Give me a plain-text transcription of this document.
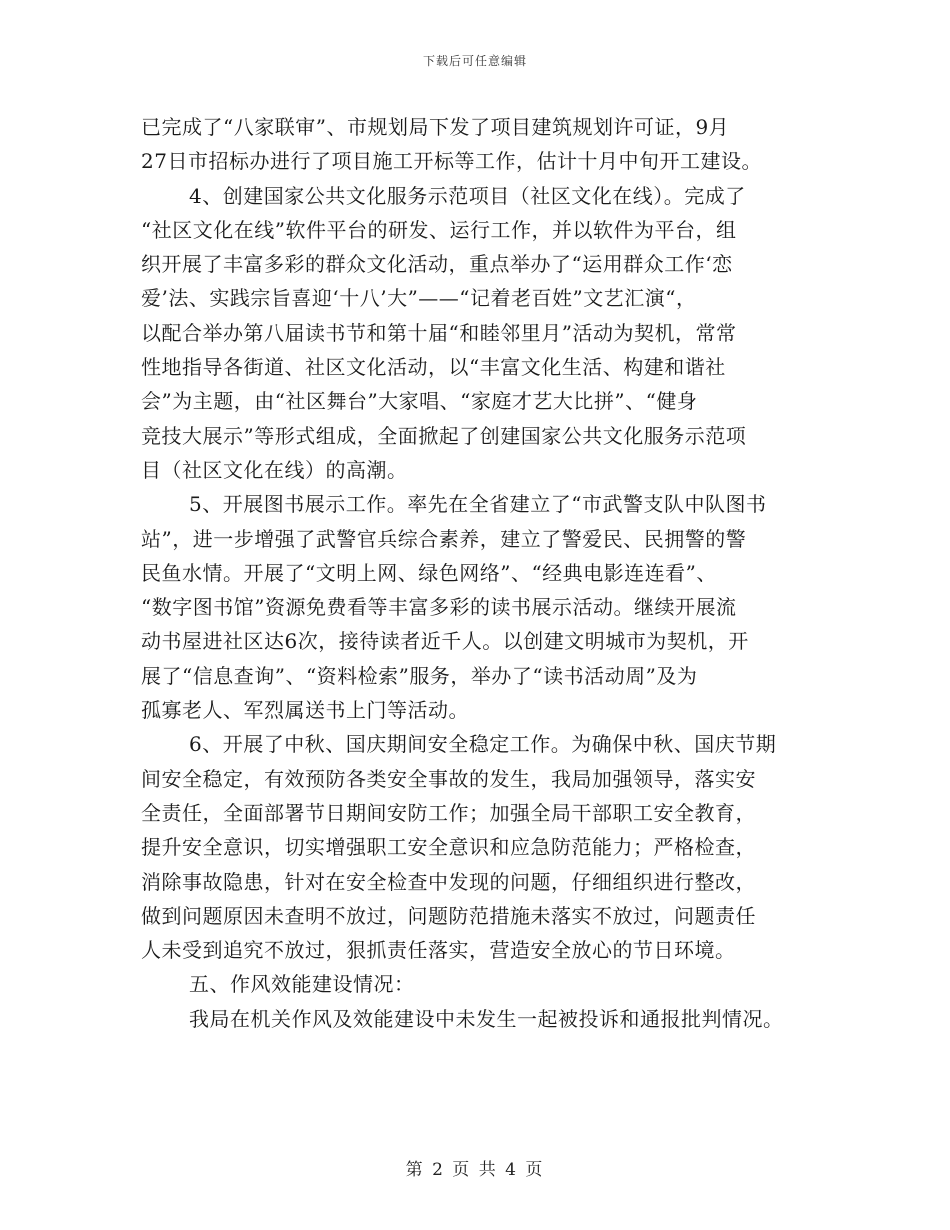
下载后可任意编辑
已完成了“八家联审”、市规划局下发了项目建筑规划许可证，9月
27日市招标办进行了项目施工开标等工作，估计十月中旬开工建设。
4、创建国家公共文化服务示范项目（社区文化在线）。完成了
“社区文化在线”软件平台的研发、运行工作，并以软件为平台，组
织开展了丰富多彩的群众文化活动，重点举办了“运用群众工作‘恋
爱’法、实践宗旨喜迎‘十八’大”——“记着老百姓”文艺汇演“，
以配合举办第八届读书节和第十届“和睦邻里月”活动为契机，常常
性地指导各街道、社区文化活动，以“丰富文化生活、构建和谐社
会”为主题，由“社区舞台”大家唱、“家庭才艺大比拼”、“健身
竞技大展示”等形式组成，全面掀起了创建国家公共文化服务示范项
目（社区文化在线）的高潮。
5、开展图书展示工作。率先在全省建立了“市武警支队中队图书
站”，进一步增强了武警官兵综合素养，建立了警爱民、民拥警的警
民鱼水情。开展了“文明上网、绿色网络”、“经典电影连连看”、
“数字图书馆”资源免费看等丰富多彩的读书展示活动。继续开展流
动书屋进社区达6次，接待读者近千人。以创建文明城市为契机，开
展了“信息查询”、“资料检索”服务，举办了“读书活动周”及为
孤寡老人、军烈属送书上门等活动。
6、开展了中秋、国庆期间安全稳定工作。为确保中秋、国庆节期
间安全稳定，有效预防各类安全事故的发生，我局加强领导，落实安
全责任，全面部署节日期间安防工作；加强全局干部职工安全教育，
提升安全意识，切实增强职工安全意识和应急防范能力；严格检查，
消除事故隐患，针对在安全检查中发现的问题，仔细组织进行整改，
做到问题原因未查明不放过，问题防范措施未落实不放过，问题责任
人未受到追究不放过，狠抓责任落实，营造安全放心的节日环境。
五、作风效能建设情况：
我局在机关作风及效能建设中未发生一起被投诉和通报批判情况。
第 2 页 共 4 页
